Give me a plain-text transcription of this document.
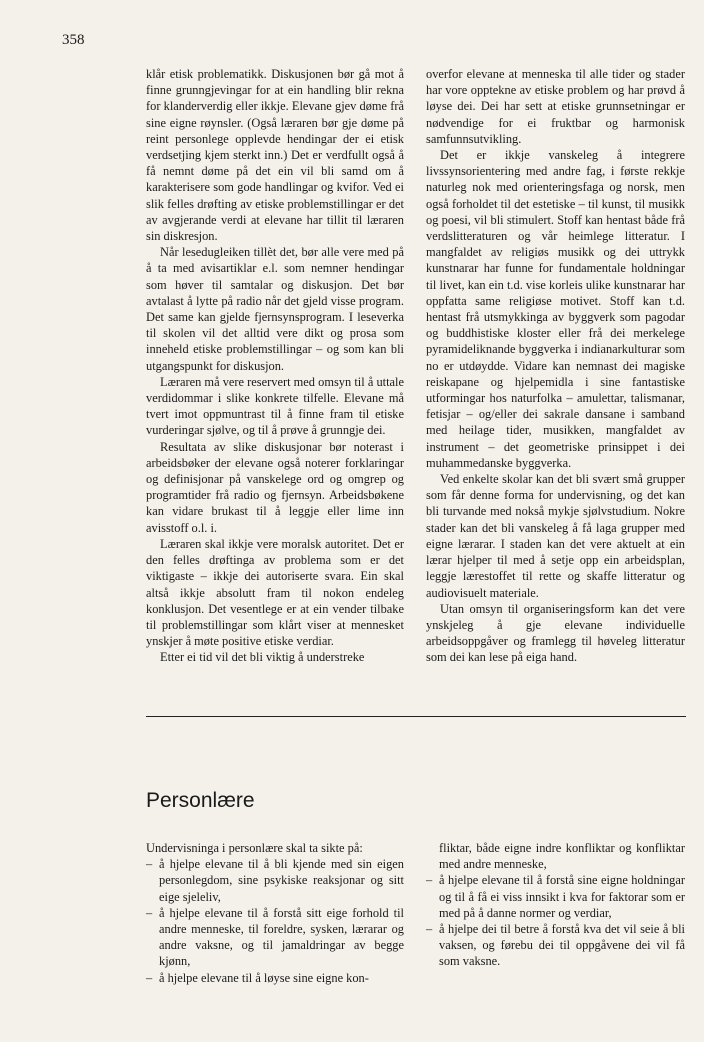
358

klår etisk problematikk. Diskusjonen bør gå mot å finne grunngjevingar for at ein handling blir rekna for klanderverdig eller ikkje. Elevane gjev døme frå sine eigne røynsler. (Også læraren bør gje døme på reint personlege opplevde hendingar der ei etisk verdsetjing kjem sterkt inn.) Det er verdfullt også å få nemnt døme på det ein vil bli samd om å karakterisere som gode handlingar og kvifor. Ved ei slik felles drøfting av etiske problemstillingar er det av avgjerande verdi at elevane har tillit til læraren sin diskresjon.

Når lesedugleiken tillèt det, bør alle vere med på å ta med avisartiklar e.l. som nemner hendingar som høver til samtalar og diskusjon. Det bør avtalast å lytte på radio når det gjeld visse program. Det same kan gjelde fjernsynsprogram. I leseverka til skolen vil det alltid vere dikt og prosa som inneheld etiske problemstillingar – og som kan bli utgangspunkt for diskusjon.

Læraren må vere reservert med omsyn til å uttale verdidommar i slike konkrete tilfelle. Elevane må tvert imot oppmuntrast til å finne fram til etiske vurderingar sjølve, og til å prøve å grunngje dei.

Resultata av slike diskusjonar bør noterast i arbeidsbøker der elevane også noterer forklaringar og definisjonar på vanskelege ord og omgrep og programtider frå radio og fjernsyn. Arbeidsbøkene kan vidare brukast til å leggje eller lime inn avisstoff o.l. i.

Læraren skal ikkje vere moralsk autoritet. Det er den felles drøftinga av problema som er det viktigaste – ikkje dei autoriserte svara. Ein skal altså ikkje absolutt fram til nokon endeleg konklusjon. Det vesentlege er at ein vender tilbake til problemstillingar som klårt viser at mennesket ynskjer å møte positive etiske verdiar.

Etter ei tid vil det bli viktig å understreke

overfor elevane at menneska til alle tider og stader har vore opptekne av etiske problem og har prøvd å løyse dei. Dei har sett at etiske grunnsetningar er nødvendige for ei fruktbar og harmonisk samfunnsutvikling.

Det er ikkje vanskeleg å integrere livssynsorientering med andre fag, i første rekkje naturleg nok med orienteringsfaga og norsk, men også forholdet til det estetiske – til kunst, til musikk og poesi, vil bli stimulert. Stoff kan hentast både frå verdslitteraturen og vår heimlege litteratur. I mangfaldet av religiøs musikk og dei uttrykk kunstnarar har funne for fundamentale holdningar til livet, kan ein t.d. vise korleis ulike kunstnarar har oppfatta same religiøse motivet. Stoff kan t.d. hentast frå utsmykkinga av byggverk som pagodar og buddhistiske kloster eller frå dei merkelege pyramideliknande byggverka i indianarkulturar som no er utdøydde. Vidare kan nemnast dei magiske reiskapane og hjelpemidla i sine fantastiske utformingar hos naturfolka – amulettar, talismanar, fetisjar – og/eller dei sakrale dansane i samband med heilage tider, musikken, mangfaldet av instrument – det geometriske prinsippet i dei muhammedanske byggverka.

Ved enkelte skolar kan det bli svært små grupper som får denne forma for undervisning, og det kan bli turvande med nokså mykje sjølvstudium. Nokre stader kan det bli vanskeleg å få laga grupper med eigne lærarar. I staden kan det vere aktuelt at ein lærar hjelper til med å setje opp ein arbeidsplan, leggje lærestoffet til rette og skaffe litteratur og audiovisuelt materiale.

Utan omsyn til organiseringsform kan det vere ynskjeleg å gje elevane individuelle arbeidsoppgåver og framlegg til høveleg litteratur som dei kan lese på eiga hand.

Personlære

Undervisninga i personlære skal ta sikte på:

– å hjelpe elevane til å bli kjende med sin eigen personlegdom, sine psykiske reaksjonar og sitt eige sjeleliv,
– å hjelpe elevane til å forstå sitt eige forhold til andre menneske, til foreldre, sysken, lærarar og andre vaksne, og til jamaldringar av begge kjønn,
– å hjelpe elevane til å løyse sine eigne kon-
fliktar, både eigne indre konfliktar og konfliktar med andre menneske,
– å hjelpe elevane til å forstå sine eigne holdningar og til å få ei viss innsikt i kva for faktorar som er med på å danne normer og verdiar,
– å hjelpe dei til betre å forstå kva det vil seie å bli vaksen, og førebu dei til oppgåvene dei vil få som vaksne.
